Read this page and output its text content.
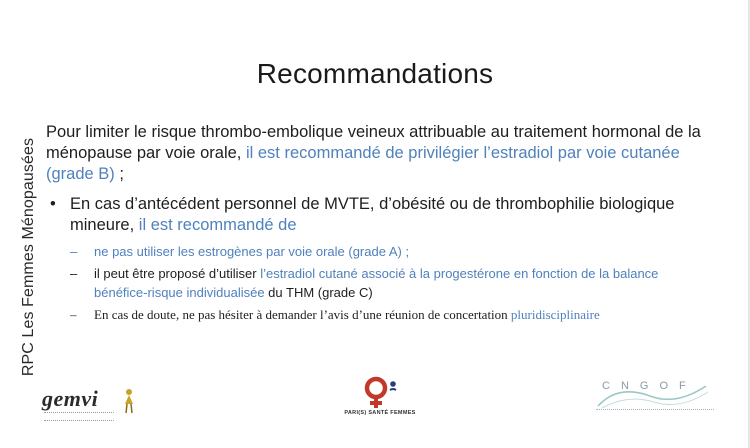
RPC Les Femmes Ménopausées
Recommandations

Pour limiter le risque thrombo-embolique veineux attribuable au traitement hormonal de la ménopause par voie orale, il est recommandé de privilégier l’estradiol par voie cutanée (grade B) ;

• En cas d’antécédent personnel de MVTE, d’obésité ou de thrombophilie biologique mineure, il est recommandé de
– ne pas utiliser les estrogènes par voie orale (grade A) ;
– il peut être proposé d’utiliser l’estradiol cutané associé à la progestérone en fonction de la balance bénéfice-risque individualisée du THM (grade C)
– En cas de doute, ne pas hésiter à demander l’avis d’une réunion de concertation pluridisciplinaire
gemvi
PARI(S) SANTÉ FEMMES
CNGOF
